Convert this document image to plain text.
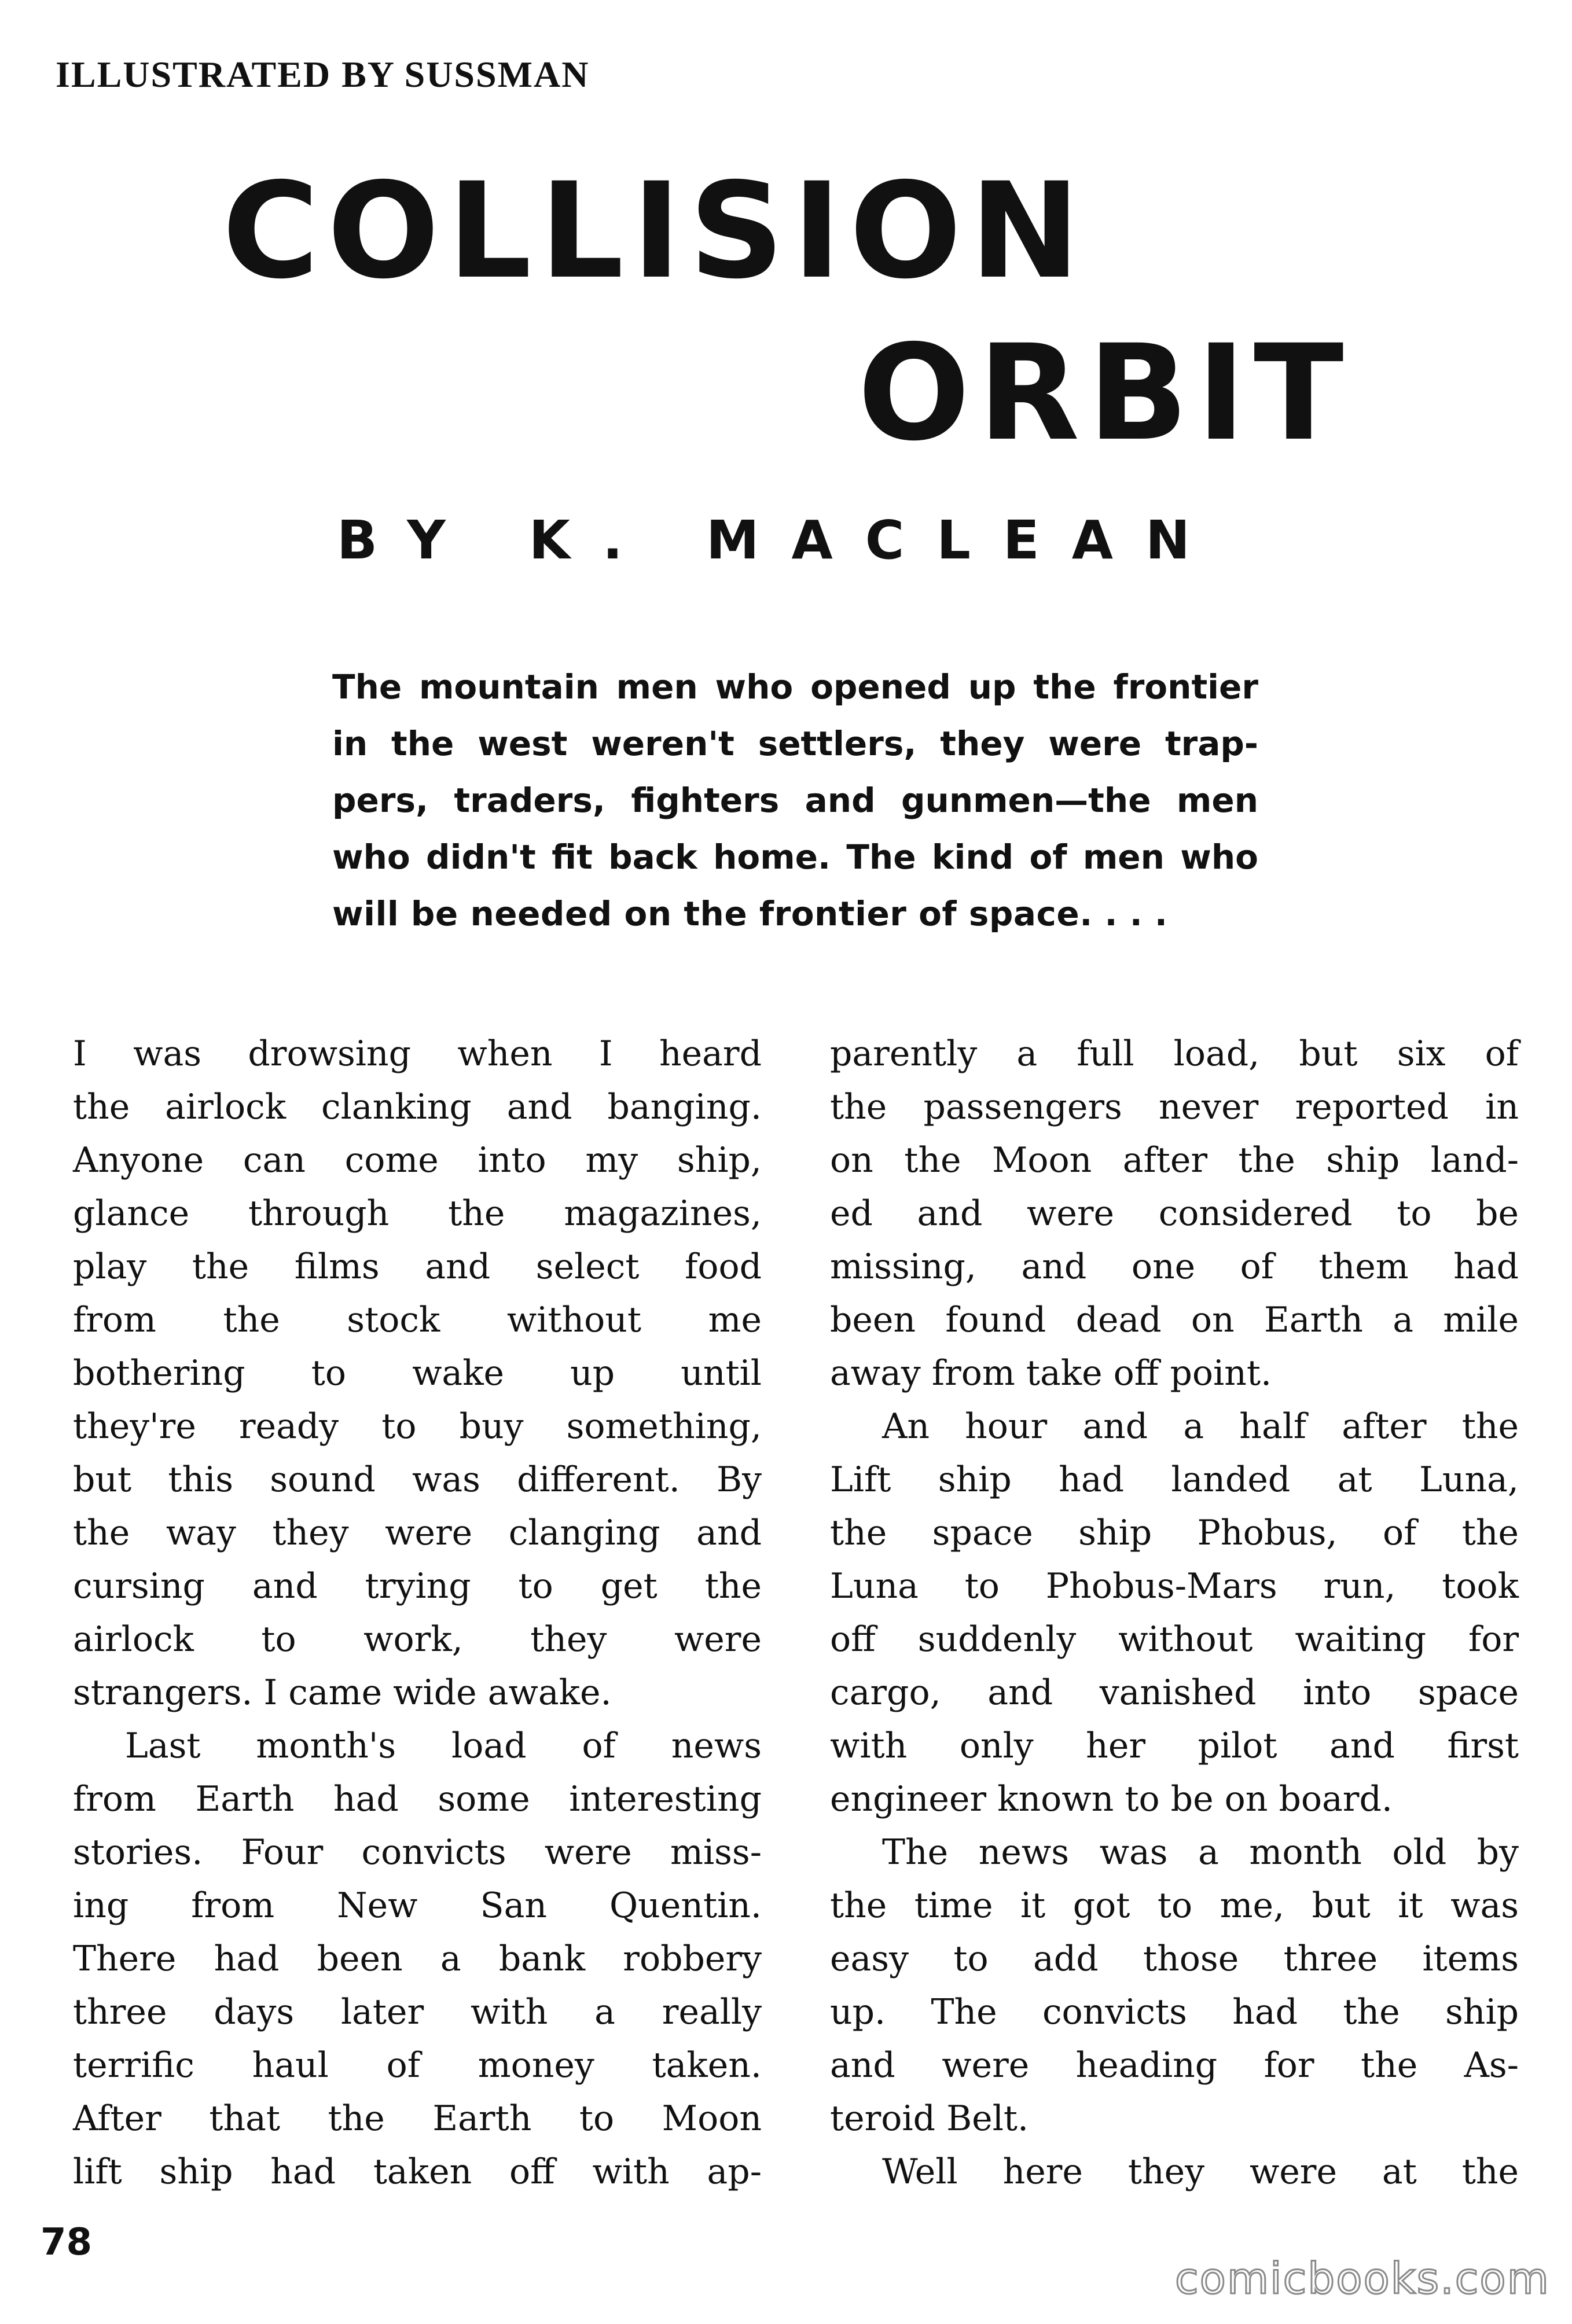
ILLUSTRATED BY SUSSMAN

COLLISION
ORBIT

BY K. MACLEAN

The mountain men who opened up the frontier
in the west weren't settlers, they were trap-
pers, traders, fighters and gunmen—the men
who didn't fit back home. The kind of men who
will be needed on the frontier of space. . . .
I was drowsing when I heard
the airlock clanking and banging.
Anyone can come into my ship,
glance through the magazines,
play the films and select food
from the stock without me
bothering to wake up until
they're ready to buy something,
but this sound was different. By
the way they were clanging and
cursing and trying to get the
airlock to work, they were
strangers. I came wide awake.
Last month's load of news
from Earth had some interesting
stories. Four convicts were miss-
ing from New San Quentin.
There had been a bank robbery
three days later with a really
terrific haul of money taken.
After that the Earth to Moon
lift ship had taken off with ap-
parently a full load, but six of
the passengers never reported in
on the Moon after the ship land-
ed and were considered to be
missing, and one of them had
been found dead on Earth a mile
away from take off point.
An hour and a half after the
Lift ship had landed at Luna,
the space ship Phobus, of the
Luna to Phobus-Mars run, took
off suddenly without waiting for
cargo, and vanished into space
with only her pilot and first
engineer known to be on board.
The news was a month old by
the time it got to me, but it was
easy to add those three items
up. The convicts had the ship
and were heading for the As-
teroid Belt.
Well here they were at the

78

comicbooks.com
